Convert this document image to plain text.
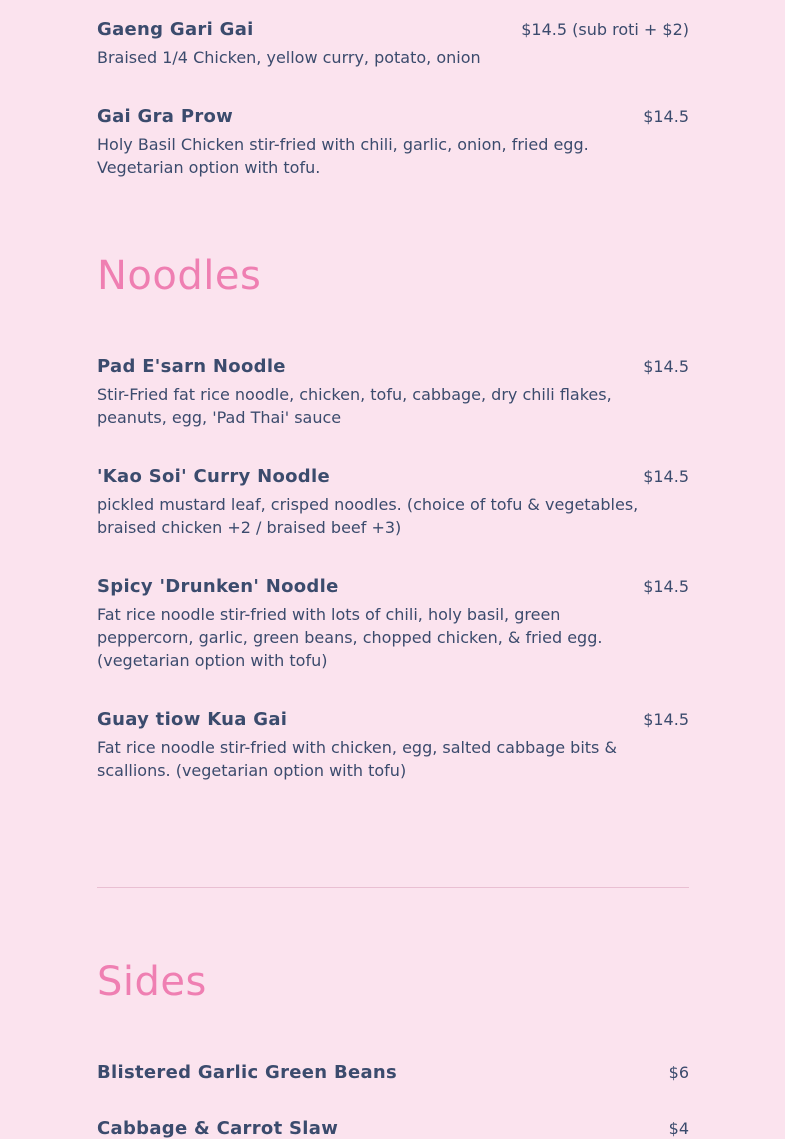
Gaeng Gari Gai	$14.5 (sub roti + $2)
Braised 1/4 Chicken, yellow curry, potato, onion
Gai Gra Prow	$14.5
Holy Basil Chicken stir-fried with chili, garlic, onion, fried egg. Vegetarian option with tofu.
Noodles
Pad E'sarn Noodle	$14.5
Stir-Fried fat rice noodle, chicken, tofu, cabbage, dry chili flakes, peanuts, egg, 'Pad Thai' sauce
'Kao Soi' Curry Noodle	$14.5
pickled mustard leaf, crisped noodles. (choice of tofu & vegetables, braised chicken +2 / braised beef +3)
Spicy 'Drunken' Noodle	$14.5
Fat rice noodle stir-fried with lots of chili, holy basil, green peppercorn, garlic, green beans, chopped chicken, & fried egg. (vegetarian option with tofu)
Guay tiow Kua Gai	$14.5
Fat rice noodle stir-fried with chicken, egg, salted cabbage bits & scallions. (vegetarian option with tofu)
Sides
Blistered Garlic Green Beans	$6
Cabbage & Carrot Slaw	$4
